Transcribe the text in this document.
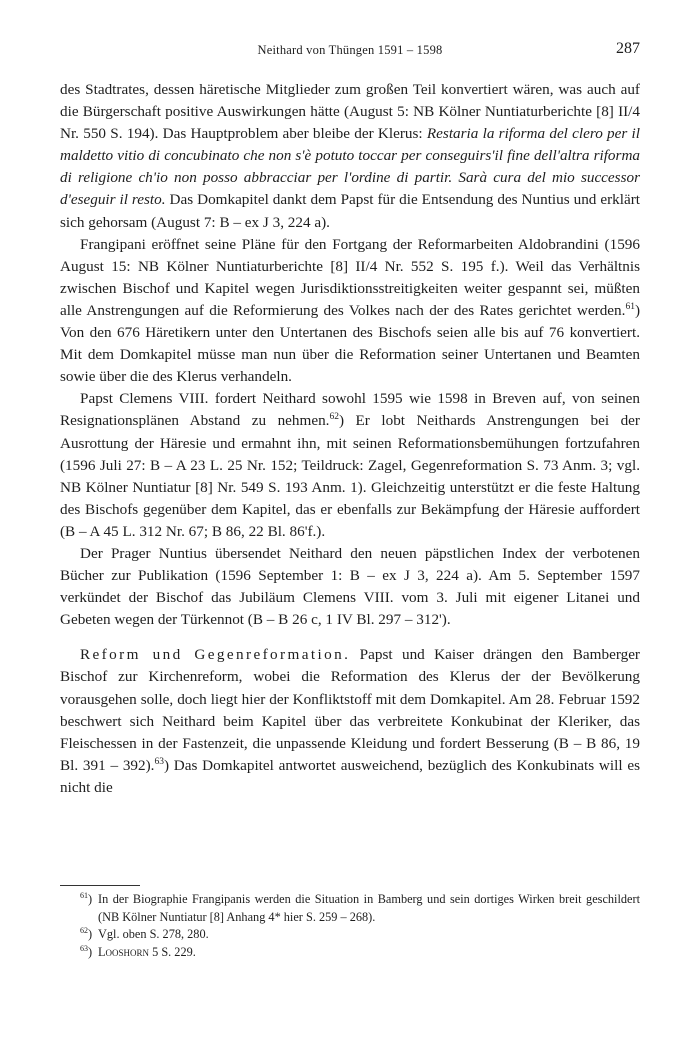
Neithard von Thüngen 1591 – 1598	287

des Stadtrates, dessen häretische Mitglieder zum großen Teil konvertiert wären, was auch auf die Bürgerschaft positive Auswirkungen hätte (August 5: NB Kölner Nuntiaturberichte [8] II/4 Nr. 550 S. 194). Das Hauptproblem aber bleibe der Klerus: Restaria la riforma del clero per il maldetto vitio di concubinato che non s'è potuto toccar per conseguirs'il fine dell'altra riforma di religione ch'io non posso abbracciar per l'ordine di partir. Sarà cura del mio successor d'eseguir il resto. Das Domkapitel dankt dem Papst für die Entsendung des Nuntius und erklärt sich gehorsam (August 7: B – ex J 3, 224 a).

Frangipani eröffnet seine Pläne für den Fortgang der Reformarbeiten Aldobrandini (1596 August 15: NB Kölner Nuntiaturberichte [8] II/4 Nr. 552 S. 195 f.). Weil das Verhältnis zwischen Bischof und Kapitel wegen Jurisdiktionsstreitigkeiten weiter gespannt sei, müßten alle Anstrengungen auf die Reformierung des Volkes nach der des Rates gerichtet werden.$^{61}$) Von den 676 Häretikern unter den Untertanen des Bischofs seien alle bis auf 76 konvertiert. Mit dem Domkapitel müsse man nun über die Reformation seiner Untertanen und Beamten sowie über die des Klerus verhandeln.

Papst Clemens VIII. fordert Neithard sowohl 1595 wie 1598 in Breven auf, von seinen Resignationsplänen Abstand zu nehmen.$^{62}$) Er lobt Neithards Anstrengungen bei der Ausrottung der Häresie und ermahnt ihn, mit seinen Reformationsbemühungen fortzufahren (1596 Juli 27: B – A 23 L. 25 Nr. 152; Teildruck: Zagel, Gegenreformation S. 73 Anm. 3; vgl. NB Kölner Nuntiatur [8] Nr. 549 S. 193 Anm. 1). Gleichzeitig unterstützt er die feste Haltung des Bischofs gegenüber dem Kapitel, das er ebenfalls zur Bekämpfung der Häresie auffordert (B – A 45 L. 312 Nr. 67; B 86, 22 Bl. 86'f.).

Der Prager Nuntius übersendet Neithard den neuen päpstlichen Index der verbotenen Bücher zur Publikation (1596 September 1: B – ex J 3, 224 a). Am 5. September 1597 verkündet der Bischof das Jubiläum Clemens VIII. vom 3. Juli mit eigener Litanei und Gebeten wegen der Türkennot (B – B 26 c, 1 IV Bl. 297 – 312').

Reform und Gegenreformation. Papst und Kaiser drängen den Bamberger Bischof zur Kirchenreform, wobei die Reformation des Klerus der der Bevölkerung vorausgehen solle, doch liegt hier der Konfliktstoff mit dem Domkapitel. Am 28. Februar 1592 beschwert sich Neithard beim Kapitel über das verbreitete Konkubinat der Kleriker, das Fleischessen in der Fastenzeit, die unpassende Kleidung und fordert Besserung (B – B 86, 19 Bl. 391 – 392).$^{63}$) Das Domkapitel antwortet ausweichend, bezüglich des Konkubinats will es nicht die

$^{61}$) In der Biographie Frangipanis werden die Situation in Bamberg und sein dortiges Wirken breit geschildert (NB Kölner Nuntiatur [8] Anhang 4* hier S. 259 – 268).
$^{62}$) Vgl. oben S. 278, 280.
$^{63}$) Looshorn 5 S. 229.
